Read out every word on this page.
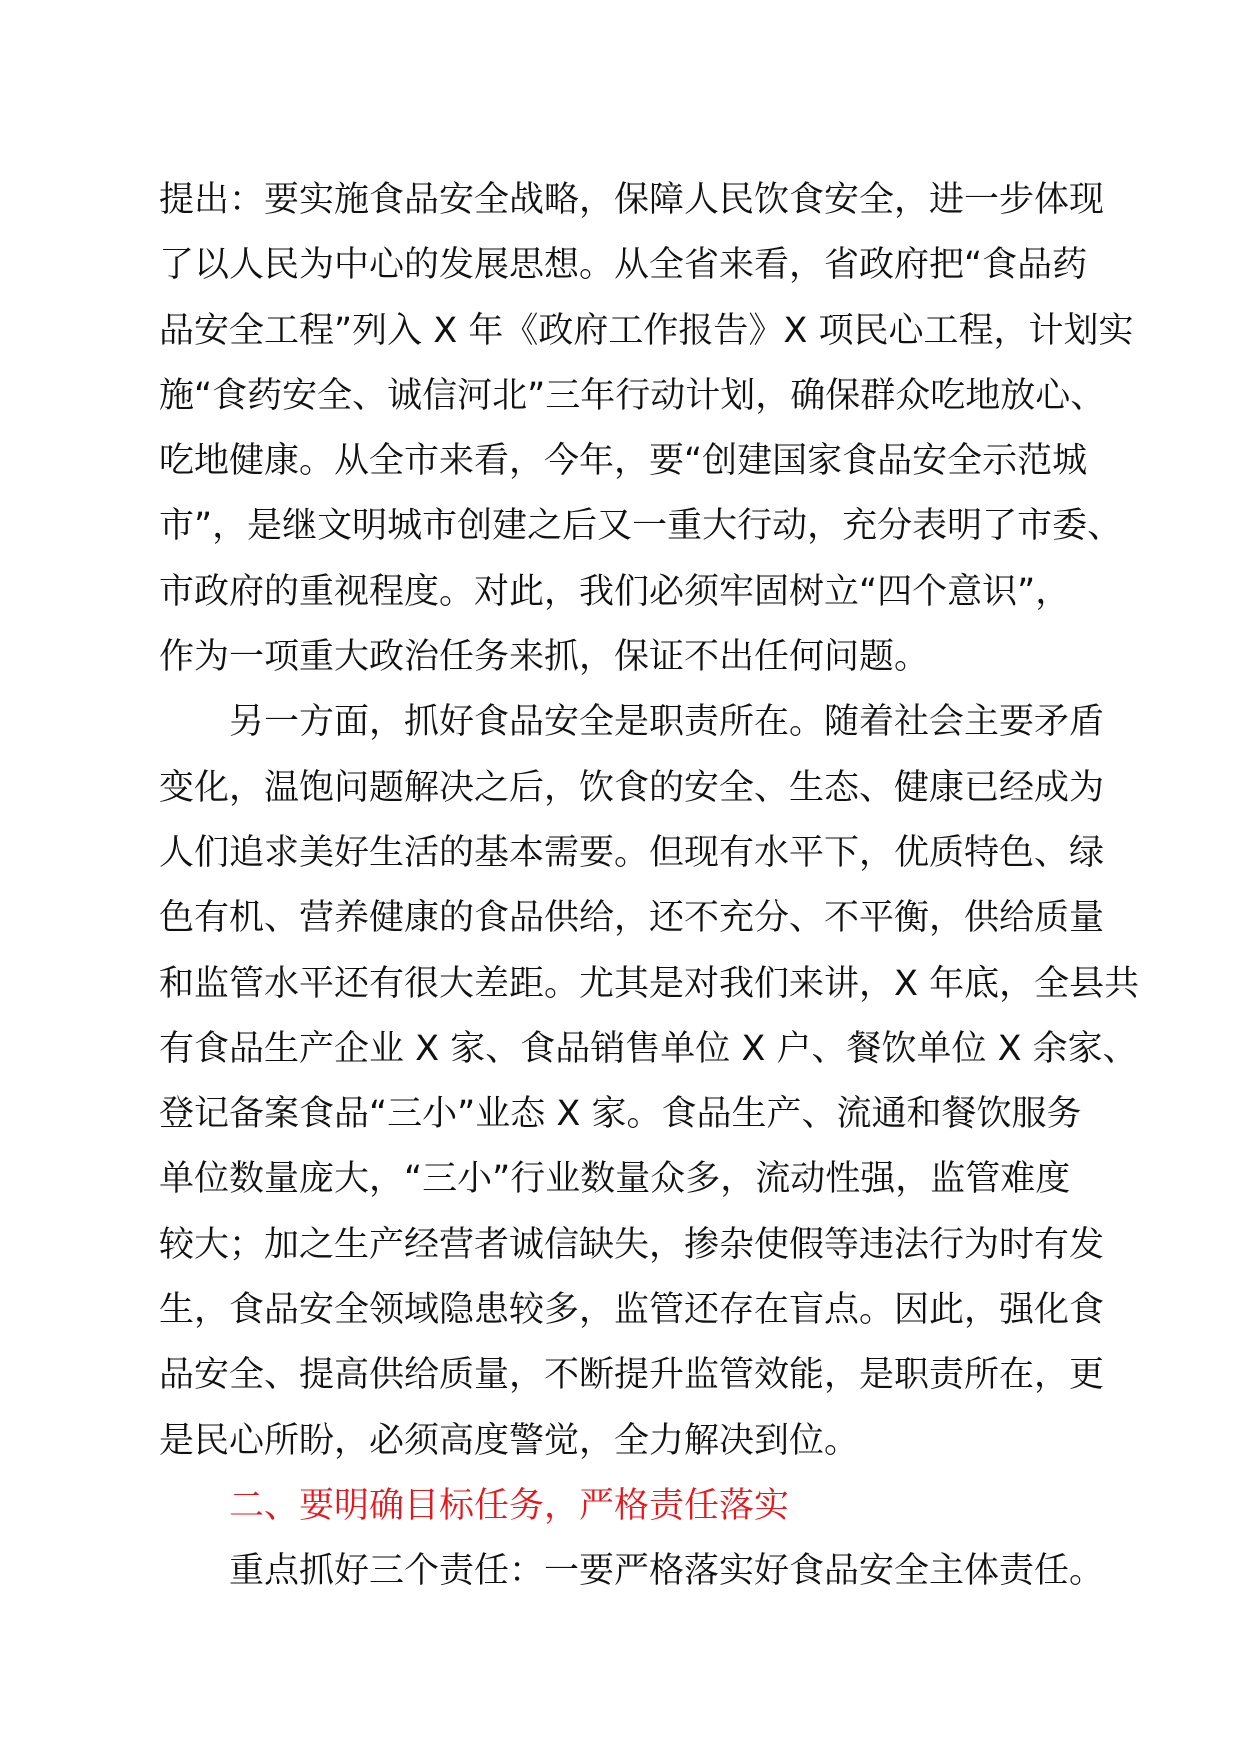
提出：要实施食品安全战略，保障人民饮食安全，进一步体现
了以人民为中心的发展思想。从全省来看，省政府把“食品药
品安全工程”列入 X 年《政府工作报告》X 项民心工程，计划实
施“食药安全、诚信河北”三年行动计划，确保群众吃地放心、
吃地健康。从全市来看，今年，要“创建国家食品安全示范城
市”，是继文明城市创建之后又一重大行动，充分表明了市委、
市政府的重视程度。对此，我们必须牢固树立“四个意识”，
作为一项重大政治任务来抓，保证不出任何问题。
　　另一方面，抓好食品安全是职责所在。随着社会主要矛盾
变化，温饱问题解决之后，饮食的安全、生态、健康已经成为
人们追求美好生活的基本需要。但现有水平下，优质特色、绿
色有机、营养健康的食品供给，还不充分、不平衡，供给质量
和监管水平还有很大差距。尤其是对我们来讲，X 年底，全县共
有食品生产企业 X 家、食品销售单位 X 户、餐饮单位 X 余家、
登记备案食品“三小”业态 X 家。食品生产、流通和餐饮服务
单位数量庞大，“三小”行业数量众多，流动性强，监管难度
较大；加之生产经营者诚信缺失，掺杂使假等违法行为时有发
生，食品安全领域隐患较多，监管还存在盲点。因此，强化食
品安全、提高供给质量，不断提升监管效能，是职责所在，更
是民心所盼，必须高度警觉，全力解决到位。
　　二、要明确目标任务，严格责任落实
　　重点抓好三个责任：一要严格落实好食品安全主体责任。
